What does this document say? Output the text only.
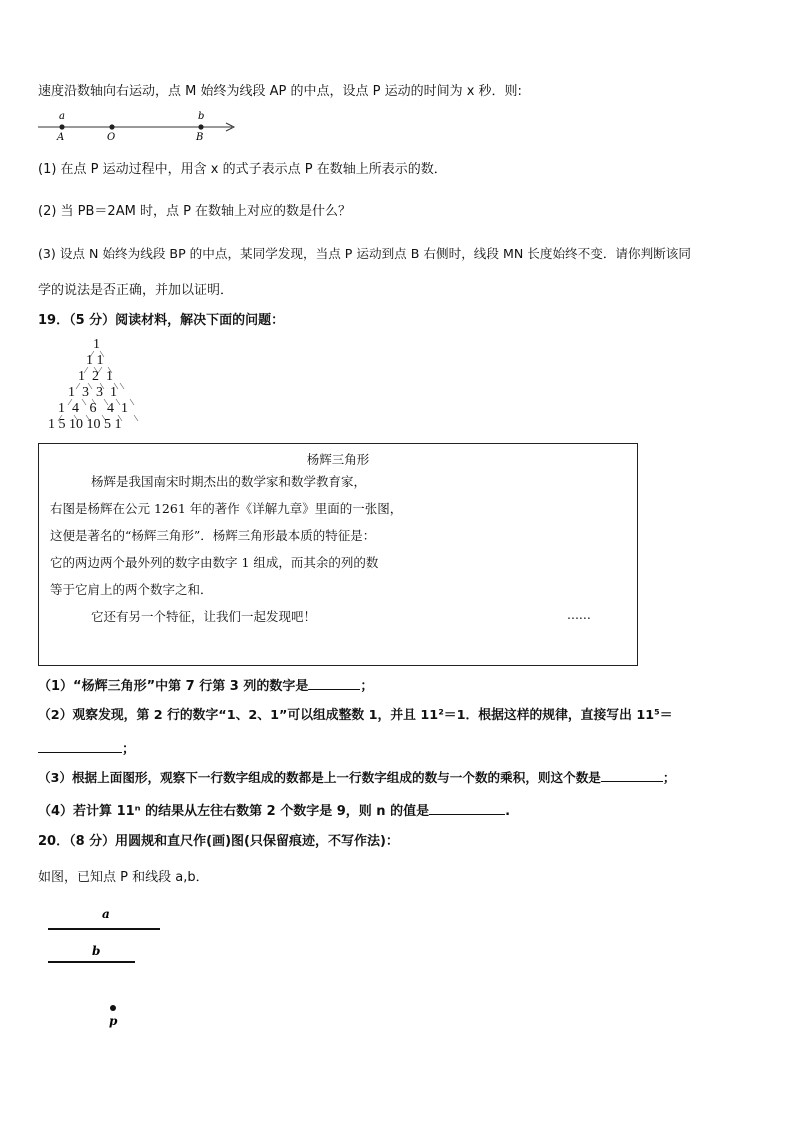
速度沿数轴向右运动，点 M 始终为线段 AP 的中点，设点 P 运动的时间为 x 秒．则:
a	b
A	O	B
(1) 在点 P 运动过程中，用含 x 的式子表示点 P 在数轴上所表示的数．
(2) 当 PB＝2AM 时，点 P 在数轴上对应的数是什么？
(3) 设点 N 始终为线段 BP 的中点，某同学发现，当点 P 运动到点 B 右侧时，线段 MN 长度始终不变．请你判断该同
学的说法是否正确，并加以证明．
19．（5 分）阅读材料，解决下面的问题：
1
1 1
1 2 1
1 3 3 1
1 4 6 4 1
1 5 10 10 5 1
杨辉三角形
杨辉是我国南宋时期杰出的数学家和数学教育家，
右图是杨辉在公元 1261 年的著作《详解九章》里面的一张图，
这便是著名的“杨辉三角形”．杨辉三角形最本质的特征是：
它的两边两个最外列的数字由数字 1 组成，而其余的列的数
等于它肩上的两个数字之和．
它还有另一个特征，让我们一起发现吧！	......
（1）“杨辉三角形”中第 7 行第 3 列的数字是	；
（2）观察发现，第 2 行的数字“1、2、1”可以组成整数 1，并且 11²＝1．根据这样的规律，直接写出 11⁵＝
；
（3）根据上面图形，观察下一行数字组成的数都是上一行数字组成的数与一个数的乘积，则这个数是	；
（4）若计算 11ⁿ 的结果从左往右数第 2 个数字是 9，则 n 的值是	.
20．（8 分）用圆规和直尺作(画)图(只保留痕迹，不写作法)：
如图，已知点 P 和线段 a,b．
a
b
p
